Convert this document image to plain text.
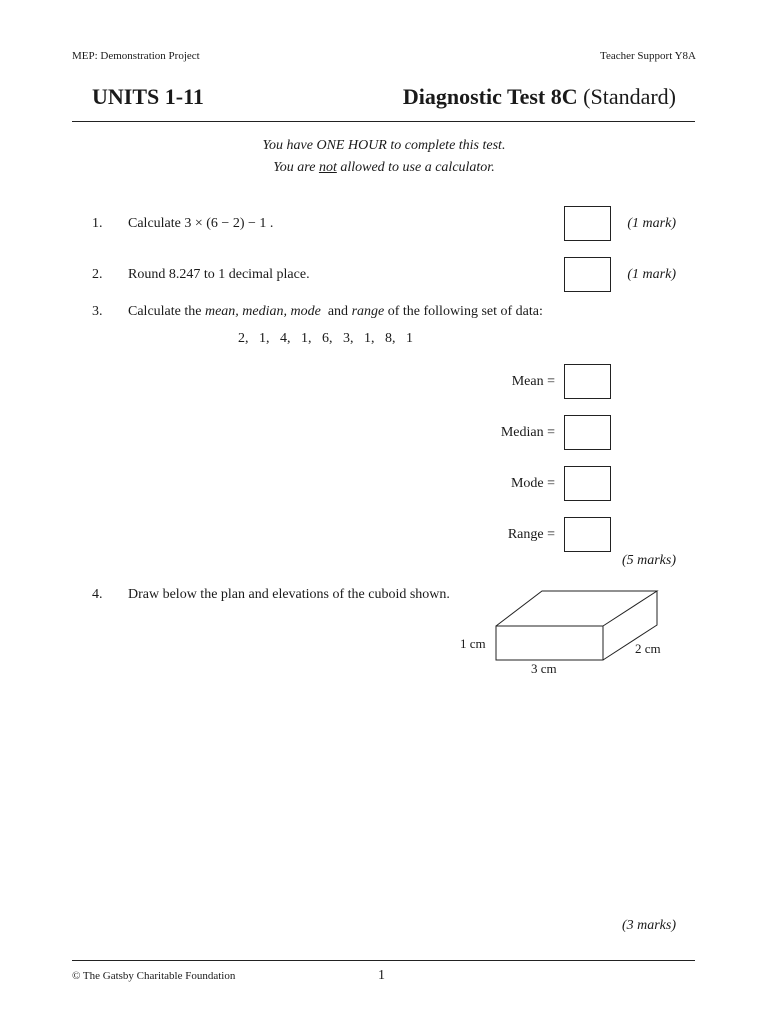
MEP: Demonstration Project	Teacher Support Y8A
UNITS 1-11	Diagnostic Test 8C (Standard)
You have ONE HOUR to complete this test.
You are not allowed to use a calculator.
1. Calculate 3 × (6 − 2) − 1 .	(1 mark)
2. Round 8.247 to 1 decimal place.	(1 mark)
3. Calculate the mean, median, mode  and range of the following set of data:
2,   1,   4,   1,   6,   3,   1,   8,   1
Mean =
Median =
Mode =
Range =
(5 marks)
4. Draw below the plan and elevations of the cuboid shown.
1 cm	2 cm
3 cm
(3 marks)
© The Gatsby Charitable Foundation	1
